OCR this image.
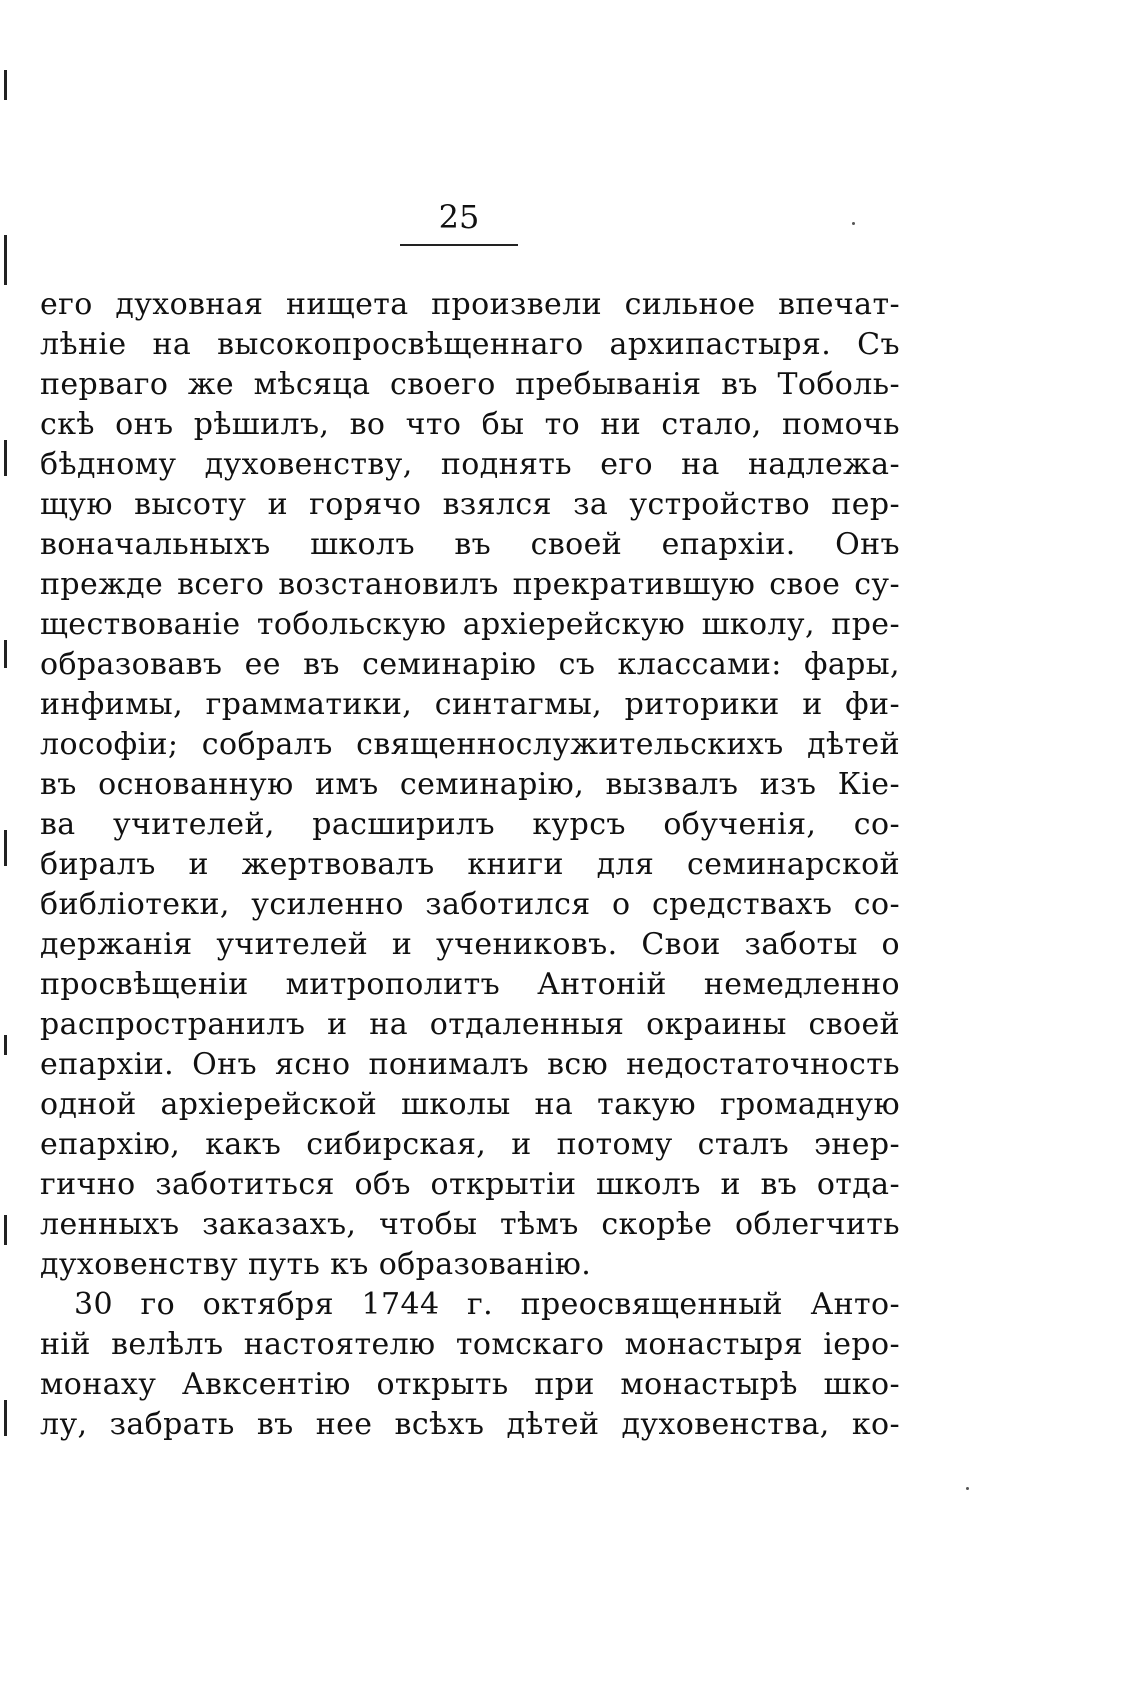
25
его духовная нищета произвели сильное впечат-
лѣніе на высокопросвѣщеннаго архипастыря. Съ
перваго же мѣсяца своего пребыванія въ Тоболь-
скѣ онъ рѣшилъ, во что бы то ни стало, помочь
бѣдному духовенству, поднять его на надлежа-
щую высоту и горячо взялся за устройство пер-
воначальныхъ школъ въ своей епархіи. Онъ
прежде всего возстановилъ прекратившую свое су-
ществованіе тобольскую архіерейскую школу, пре-
образовавъ ее въ семинарію съ классами: фары,
инфимы, грамматики, синтагмы, риторики и фи-
лософіи; собралъ священнослужительскихъ дѣтей
въ основанную имъ семинарію, вызвалъ изъ Кіе-
ва учителей, расширилъ курсъ обученія, со-
биралъ и жертвовалъ книги для семинарской
библіотеки, усиленно заботился о средствахъ со-
держанія учителей и учениковъ. Свои заботы о
просвѣщеніи митрополитъ Антоній немедленно
распространилъ и на отдаленныя окраины своей
епархіи. Онъ ясно понималъ всю недостаточность
одной архіерейской школы на такую громадную
епархію, какъ сибирская, и потому сталъ энер-
гично заботиться объ открытіи школъ и въ отда-
ленныхъ заказахъ, чтобы тѣмъ скорѣе облегчить
духовенству путь къ образованію.
30 го октября 1744 г. преосвященный Анто-
ній велѣлъ настоятелю томскаго монастыря іеро-
монаху Авксентію открыть при монастырѣ шко-
лу, забрать въ нее всѣхъ дѣтей духовенства, ко-
